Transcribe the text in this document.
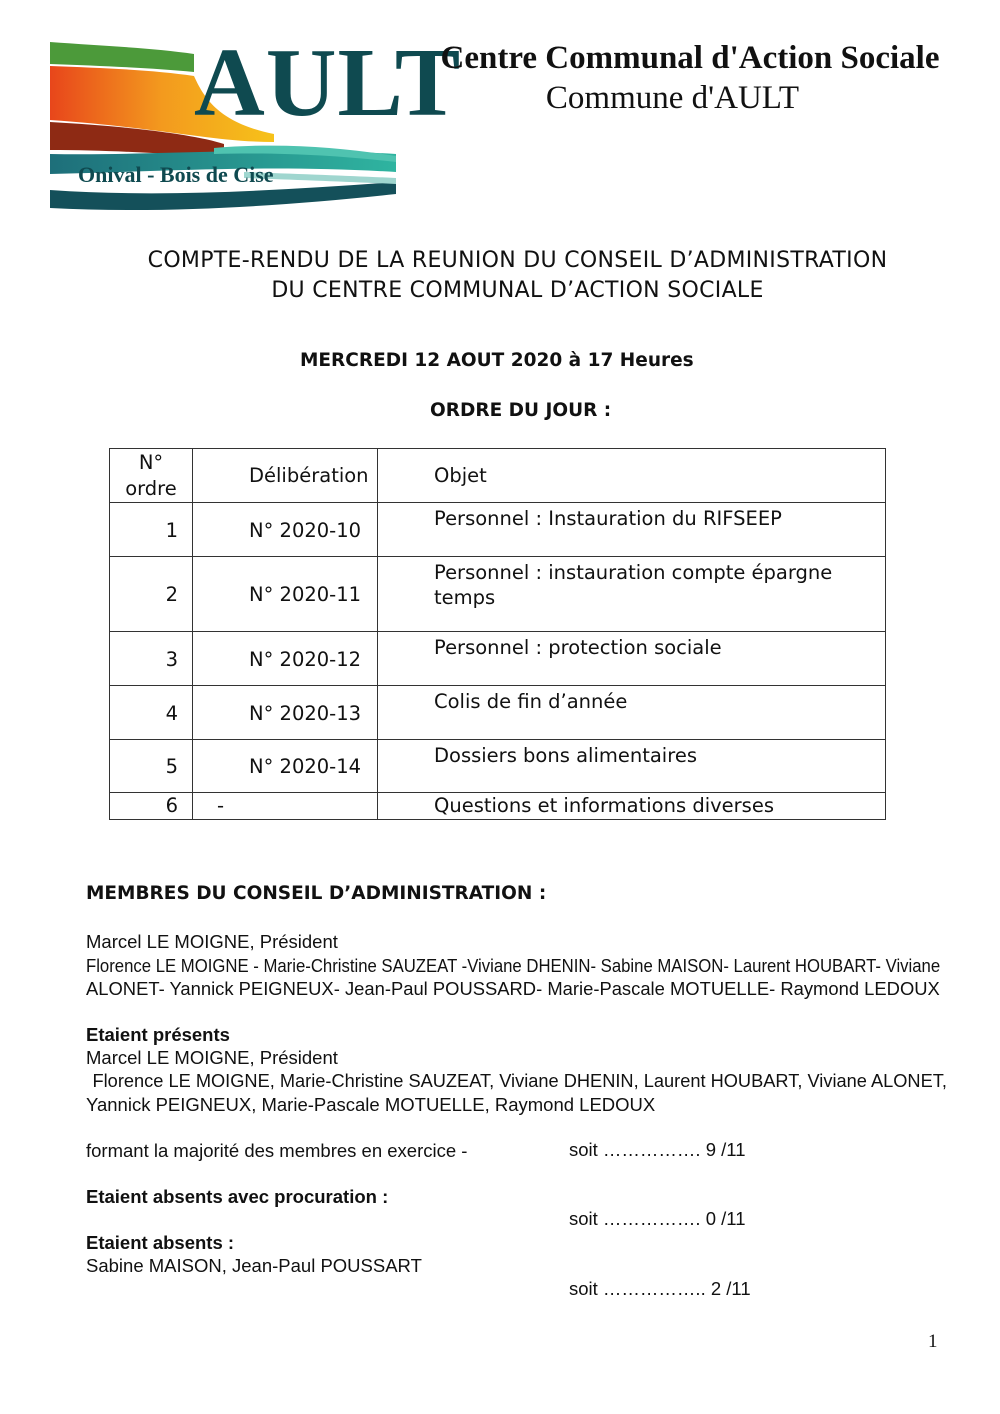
AULT
Onival - Bois de Cise
Centre Communal d'Action Sociale
Commune d'AULT
COMPTE-RENDU DE LA REUNION DU CONSEIL D’ADMINISTRATION
DU CENTRE COMMUNAL D’ACTION SOCIALE
MERCREDI 12 AOUT 2020 à 17 Heures
ORDRE DU JOUR :
N°
ordre	Délibération	Objet
1	N° 2020-10	Personnel : Instauration du RIFSEEP
2	N° 2020-11	Personnel : instauration compte épargne temps
3	N° 2020-12	Personnel : protection sociale
4	N° 2020-13	Colis de fin d’année
5	N° 2020-14	Dossiers bons alimentaires
6	-	Questions et informations diverses
MEMBRES DU CONSEIL D’ADMINISTRATION :
Marcel LE MOIGNE, Président
Florence LE MOIGNE - Marie-Christine SAUZEAT -Viviane DHENIN- Sabine MAISON- Laurent HOUBART- Viviane
ALONET- Yannick PEIGNEUX- Jean-Paul POUSSARD- Marie-Pascale MOTUELLE- Raymond LEDOUX
Etaient présents
Marcel LE MOIGNE, Président
Florence LE MOIGNE, Marie-Christine SAUZEAT, Viviane DHENIN, Laurent HOUBART, Viviane ALONET,
Yannick PEIGNEUX, Marie-Pascale MOTUELLE, Raymond LEDOUX
formant la majorité des membres en exercice -	soit ……………. 9 /11
Etaient absents avec procuration :
soit ……………. 0 /11
Etaient absents :
Sabine MAISON, Jean-Paul POUSSART
soit …………….. 2 /11
1
